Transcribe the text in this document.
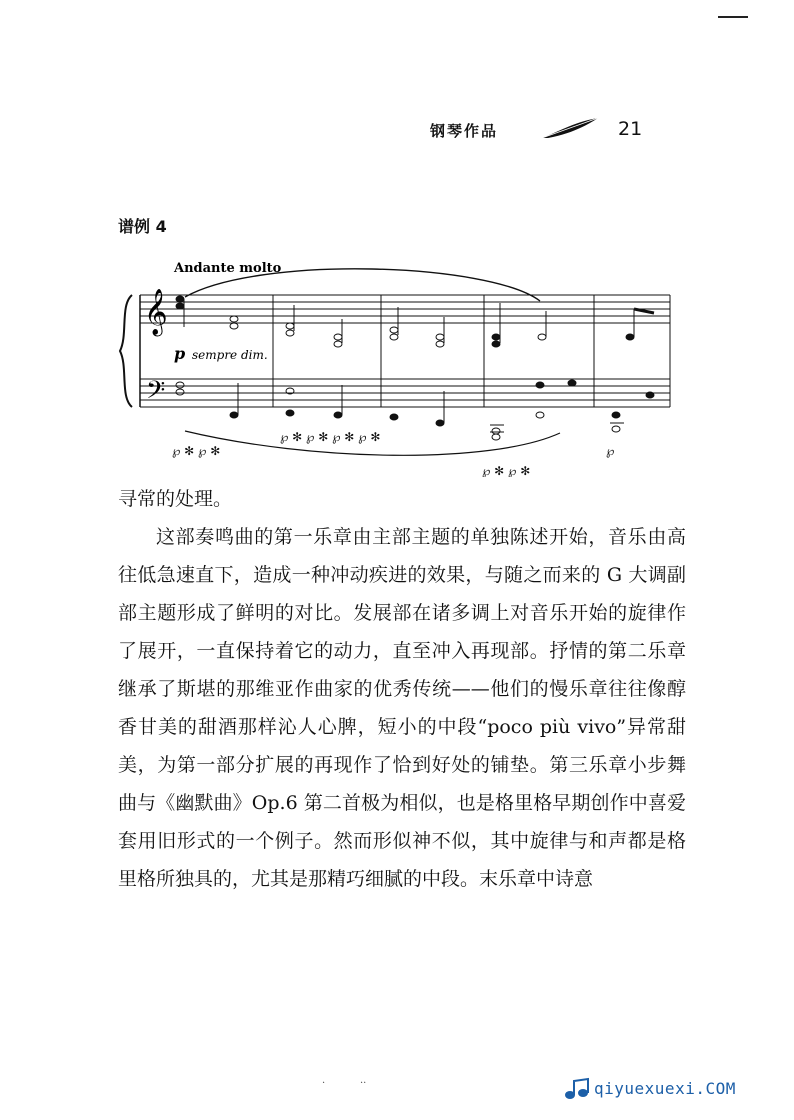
钢琴作品	21
谱例 4
Andante molto
𝄞
𝄢
p sempre dim.
℘ ✻ ℘ ✻
℘ ✻ ℘ ✻ ℘ ✻ ℘ ✻
℘ ✻ ℘ ✻
℘

寻常的处理。

这部奏鸣曲的第一乐章由主部主题的单独陈述开始，音乐由高往低急速直下，造成一种冲动疾进的效果，与随之而来的 G 大调副部主题形成了鲜明的对比。发展部在诸多调上对音乐开始的旋律作了展开，一直保持着它的动力，直至冲入再现部。抒情的第二乐章继承了斯堪的那维亚作曲家的优秀传统——他们的慢乐章往往像醇香甘美的甜酒那样沁人心脾，短小的中段“poco più vivo”异常甜美，为第一部分扩展的再现作了恰到好处的铺垫。第三乐章小步舞曲与《幽默曲》Op.6 第二首极为相似，也是格里格早期创作中喜爱套用旧形式的一个例子。然而形似神不似，其中旋律与和声都是格里格所独具的，尤其是那精巧细腻的中段。末乐章中诗意

·	··	qiyuexuexi.COM
